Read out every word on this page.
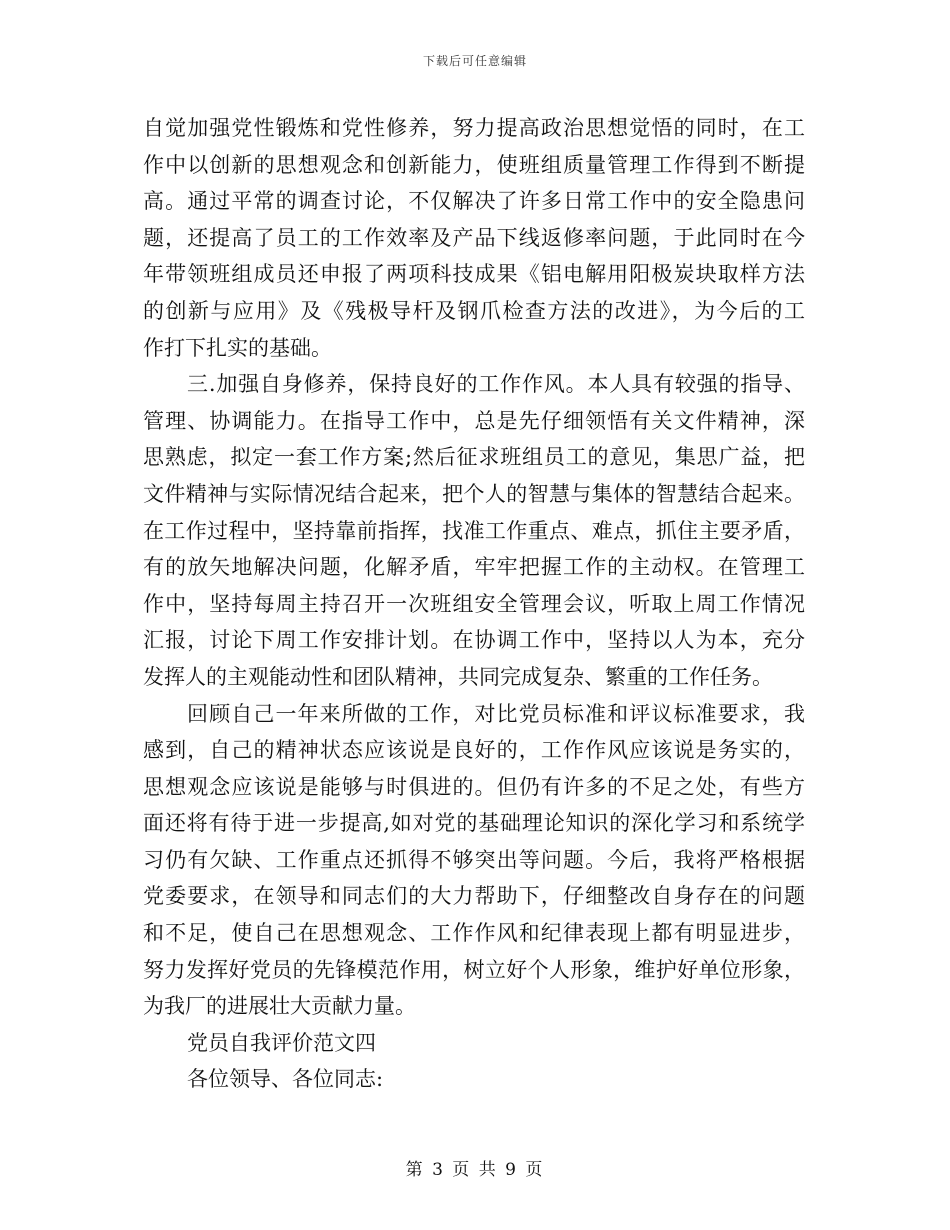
下载后可任意编辑
自觉加强党性锻炼和党性修养，努力提高政治思想觉悟的同时，在工
作中以创新的思想观念和创新能力，使班组质量管理工作得到不断提
高。通过平常的调查讨论，不仅解决了许多日常工作中的安全隐患问
题，还提高了员工的工作效率及产品下线返修率问题，于此同时在今
年带领班组成员还申报了两项科技成果《铝电解用阳极炭块取样方法
的创新与应用》及《残极导杆及钢爪检查方法的改进》，为今后的工
作打下扎实的基础。
三.加强自身修养，保持良好的工作作风。本人具有较强的指导、
管理、协调能力。在指导工作中，总是先仔细领悟有关文件精神，深
思熟虑，拟定一套工作方案;然后征求班组员工的意见，集思广益，把
文件精神与实际情况结合起来，把个人的智慧与集体的智慧结合起来。
在工作过程中，坚持靠前指挥，找准工作重点、难点，抓住主要矛盾，
有的放矢地解决问题，化解矛盾，牢牢把握工作的主动权。在管理工
作中，坚持每周主持召开一次班组安全管理会议，听取上周工作情况
汇报，讨论下周工作安排计划。在协调工作中，坚持以人为本，充分
发挥人的主观能动性和团队精神，共同完成复杂、繁重的工作任务。
回顾自己一年来所做的工作，对比党员标准和评议标准要求，我
感到，自己的精神状态应该说是良好的，工作作风应该说是务实的，
思想观念应该说是能够与时俱进的。但仍有许多的不足之处，有些方
面还将有待于进一步提高,如对党的基础理论知识的深化学习和系统学
习仍有欠缺、工作重点还抓得不够突出等问题。今后，我将严格根据
党委要求，在领导和同志们的大力帮助下，仔细整改自身存在的问题
和不足，使自己在思想观念、工作作风和纪律表现上都有明显进步，
努力发挥好党员的先锋模范作用，树立好个人形象，维护好单位形象，
为我厂的进展壮大贡献力量。
党员自我评价范文四
各位领导、各位同志:
第 3 页 共 9 页
